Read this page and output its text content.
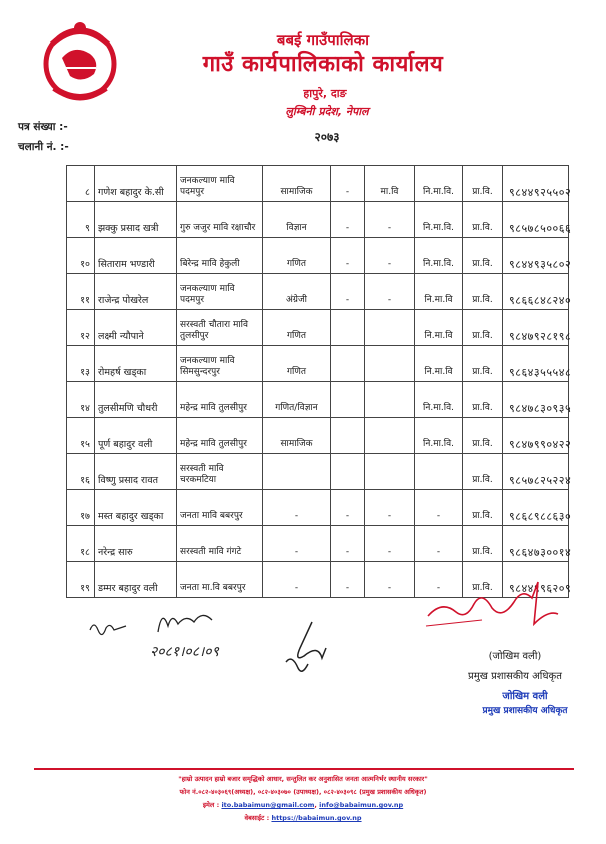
बबई गाउँपालिका
गाउँ कार्यपालिकाको कार्यालय
हापुरे, दाङ
लुम्बिनी प्रदेश, नेपाल
२०७३
पत्र संख्या :-
चलानी नं. :-
८	गणेश बहादुर के.सी	जनकल्याण मावि पदमपुर	सामाजिक	-	मा.वि	नि.मा.वि.	प्रा.वि.	९८४४९२५५०२
९	झक्कु प्रसाद खत्री	गुरु जजुर मावि रक्षाचौर	विज्ञान	-	-	नि.मा.वि.	प्रा.वि.	९८५७८५००६६
१०	सिताराम भण्डारी	बिरेन्द्र मावि हेकुली	गणित	-	-	नि.मा.वि.	प्रा.वि.	९८४४९३५८०२
११	राजेन्द्र पोखरेल	जनकल्याण मावि पदमपुर	अंग्रेजी	-	-	नि.मा.वि	प्रा.वि.	९८६६८४८२४०
१२	लक्ष्मी न्यौपाने	सरस्वती चौतारा मावि तुलसीपुर	गणित			नि.मा.वि	प्रा.वि.	९८४७९२८१९८
१३	रोमहर्ष खड्का	जनकल्याण मावि सिमसुन्दरपुर	गणित			नि.मा.वि	प्रा.वि.	९८६४३५५५४८
१४	तुलसीमणि चौधरी	महेन्द्र मावि तुलसीपुर	गणित/विज्ञान			नि.मा.वि.	प्रा.वि.	९८४७८३०९३५
१५	पूर्ण बहादुर वली	महेन्द्र मावि तुलसीपुर	सामाजिक			नि.मा.वि.	प्रा.वि.	९८४७९९०४२२
१६	विष्णु प्रसाद रावत	सरस्वती मावि चरकमटिया					प्रा.वि.	९८५७८२५२२४
१७	मस्त बहादुर खड्का	जनता मावि बबरपुर	-	-	-	-	प्रा.वि.	९८६८९८८६३०
१८	नरेन्द्र सारु	सरस्वती मावि गंगटे	-	-	-	-	प्रा.वि.	९८६४७३००१४
१९	डम्मर बहादुर वली	जनता मा.वि बबरपुर	-	-	-	-	प्रा.वि.	९८४४९९६२०९
२०८१।०८।०९	(जोखिम वली)
प्रमुख प्रशासकीय अधिकृत
जोखिम वली
प्रमुख प्रशासकीय अधिकृत
"हाम्रो उत्पादन हाम्रो बजार समृद्धिको आधार, सन्तुलित कर अनुशासित जनता आत्मनिर्भर स्थानीय सरकार"
फोन नं.०८२-४०३०६९(अध्यक्ष), ०८२-४०३०७० (उपाध्यक्ष), ०८२-४०३०९८ (प्रमुख प्रशासकीय अधिकृत)
इमेल : ito.babaimun@gmail.com, info@babaimun.gov.np
वेबसाईट : https://babaimun.gov.np
